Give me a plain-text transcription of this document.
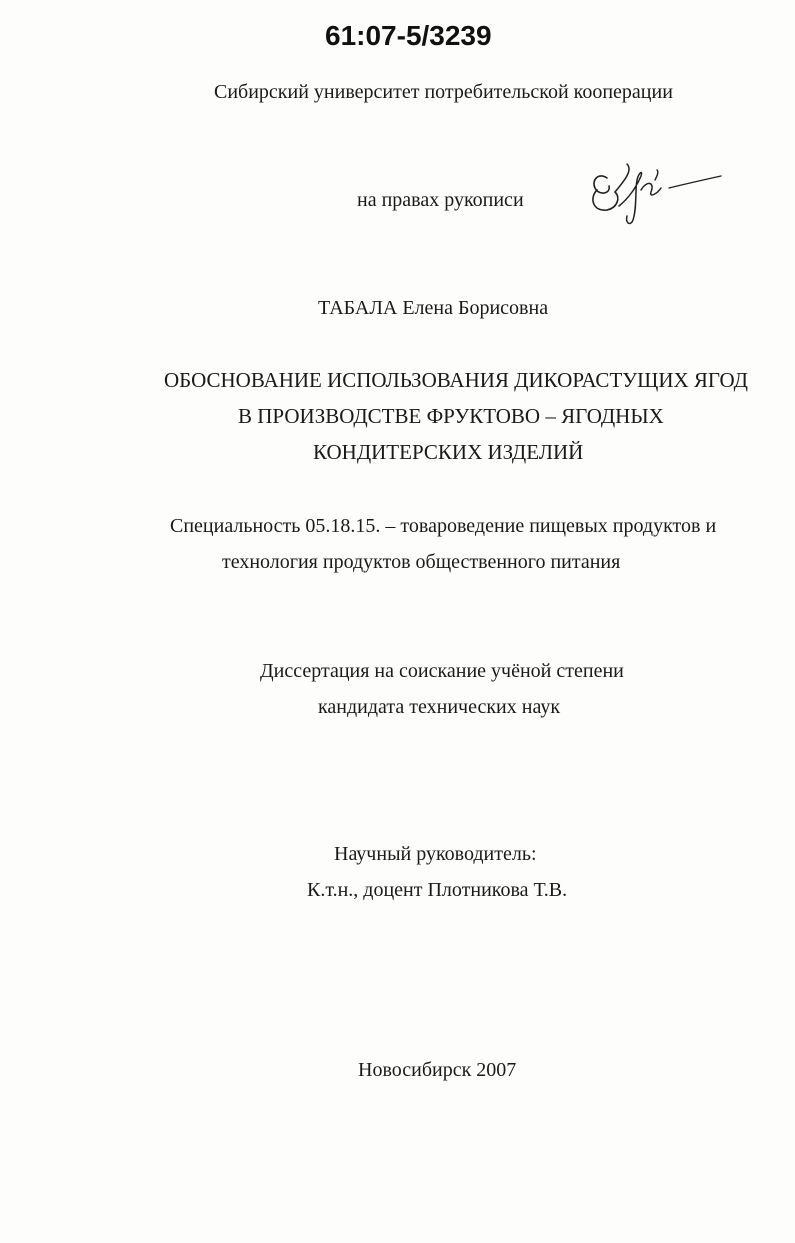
61:07-5/3239
Сибирский университет потребительской кооперации
на правах рукописи
ТАБАЛА Елена Борисовна
ОБОСНОВАНИЕ ИСПОЛЬЗОВАНИЯ ДИКОРАСТУЩИХ ЯГОД
В ПРОИЗВОДСТВЕ ФРУКТОВО – ЯГОДНЫХ
КОНДИТЕРСКИХ ИЗДЕЛИЙ
Специальность 05.18.15. – товароведение пищевых продуктов и
технология продуктов общественного питания
Диссертация на соискание учёной степени
кандидата технических наук
Научный руководитель:
К.т.н., доцент Плотникова Т.В.
Новосибирск 2007
